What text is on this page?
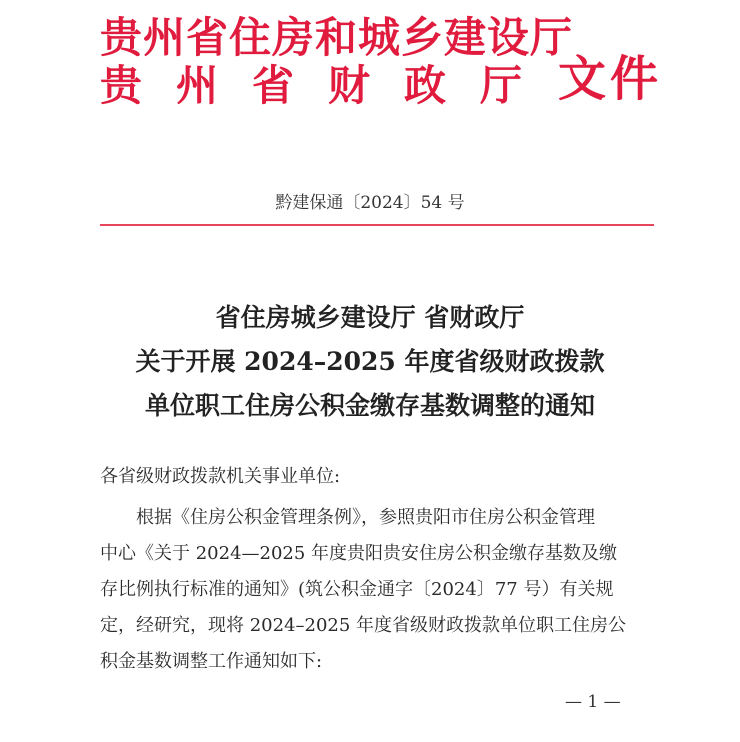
贵州省住房和城乡建设厅
贵州省财政厅 文件
黔建保通〔2024〕54 号
省住房城乡建设厅 省财政厅
关于开展 2024–2025 年度省级财政拨款
单位职工住房公积金缴存基数调整的通知
各省级财政拨款机关事业单位:
　　根据《住房公积金管理条例》，参照贵阳市住房公积金管理
中心《关于 2024—2025 年度贵阳贵安住房公积金缴存基数及缴
存比例执行标准的通知》(筑公积金通字〔2024〕77 号）有关规
定，经研究，现将 2024–2025 年度省级财政拨款单位职工住房公
积金基数调整工作通知如下:
— 1 —
